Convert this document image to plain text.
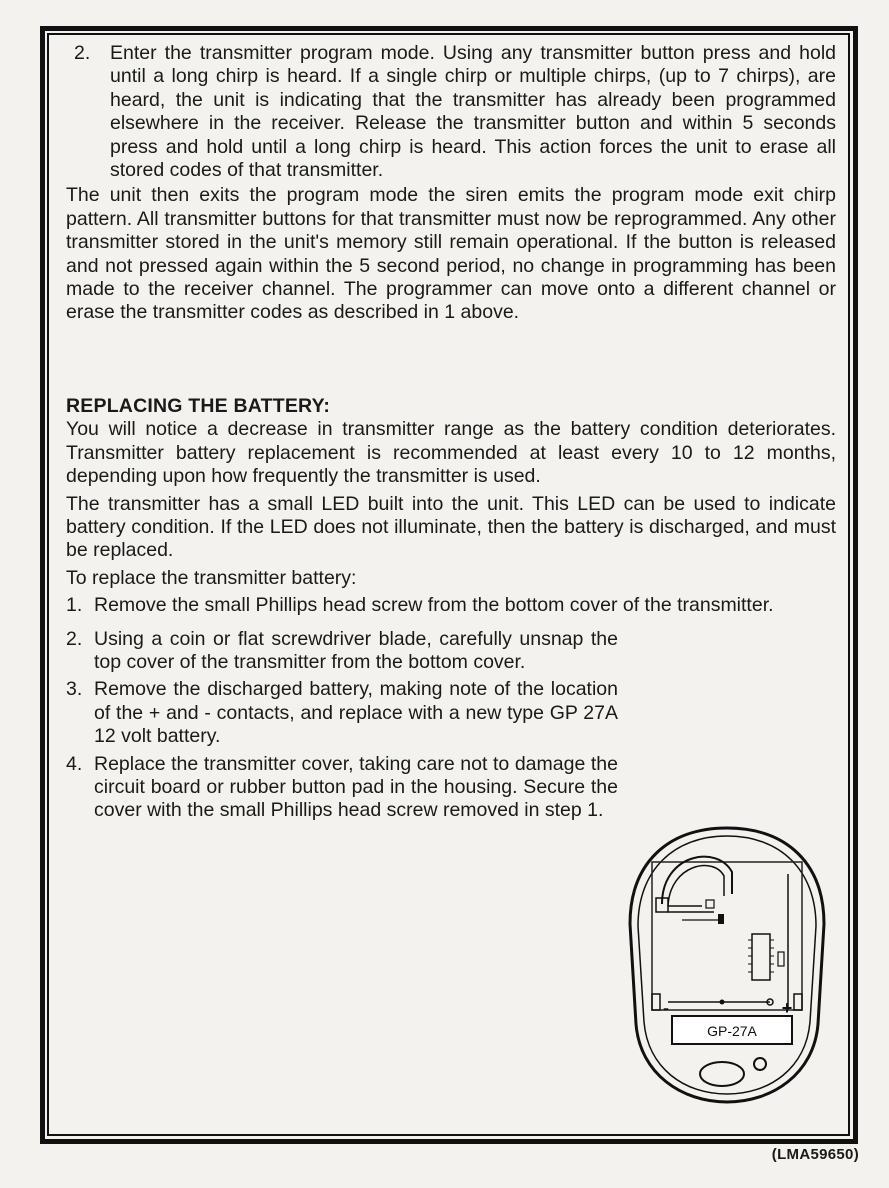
2. Enter the transmitter program mode. Using any transmitter button press and hold until a long chirp is heard. If a single chirp or multiple chirps, (up to 7 chirps), are heard, the unit is indicating that the transmitter has already been programmed elsewhere in the receiver. Release the transmitter button and within 5 seconds press and hold until a long chirp is heard. This action forces the unit to erase all stored codes of that transmitter.

The unit then exits the program mode the siren emits the program mode exit chirp pattern. All transmitter buttons for that transmitter must now be reprogrammed. Any other transmitter stored in the unit's memory still remain operational. If the button is released and not pressed again within the 5 second period, no change in programming has been made to the receiver channel. The programmer can move onto a different channel or erase the transmitter codes as described in 1 above.

REPLACING THE BATTERY:

You will notice a decrease in transmitter range as the battery condition deteriorates. Transmitter battery replacement is recommended at least every 10 to 12 months, depending upon how frequently the transmitter is used.

The transmitter has a small LED built into the unit. This LED can be used to indicate battery condition. If the LED does not illuminate, then the battery is discharged, and must be replaced.

To replace the transmitter battery:

1. Remove the small Phillips head screw from the bottom cover of the transmitter.

2. Using a coin or flat screwdriver blade, carefully unsnap the top cover of the transmitter from the bottom cover.

3. Remove the discharged battery, making note of the location of the + and - contacts, and replace with a new type GP 27A 12 volt battery.

4. Replace the transmitter cover, taking care not to damage the circuit board or rubber button pad in the housing. Secure the cover with the small Phillips head screw removed in step 1.

GP-27A
+
-
(LMA59650)
